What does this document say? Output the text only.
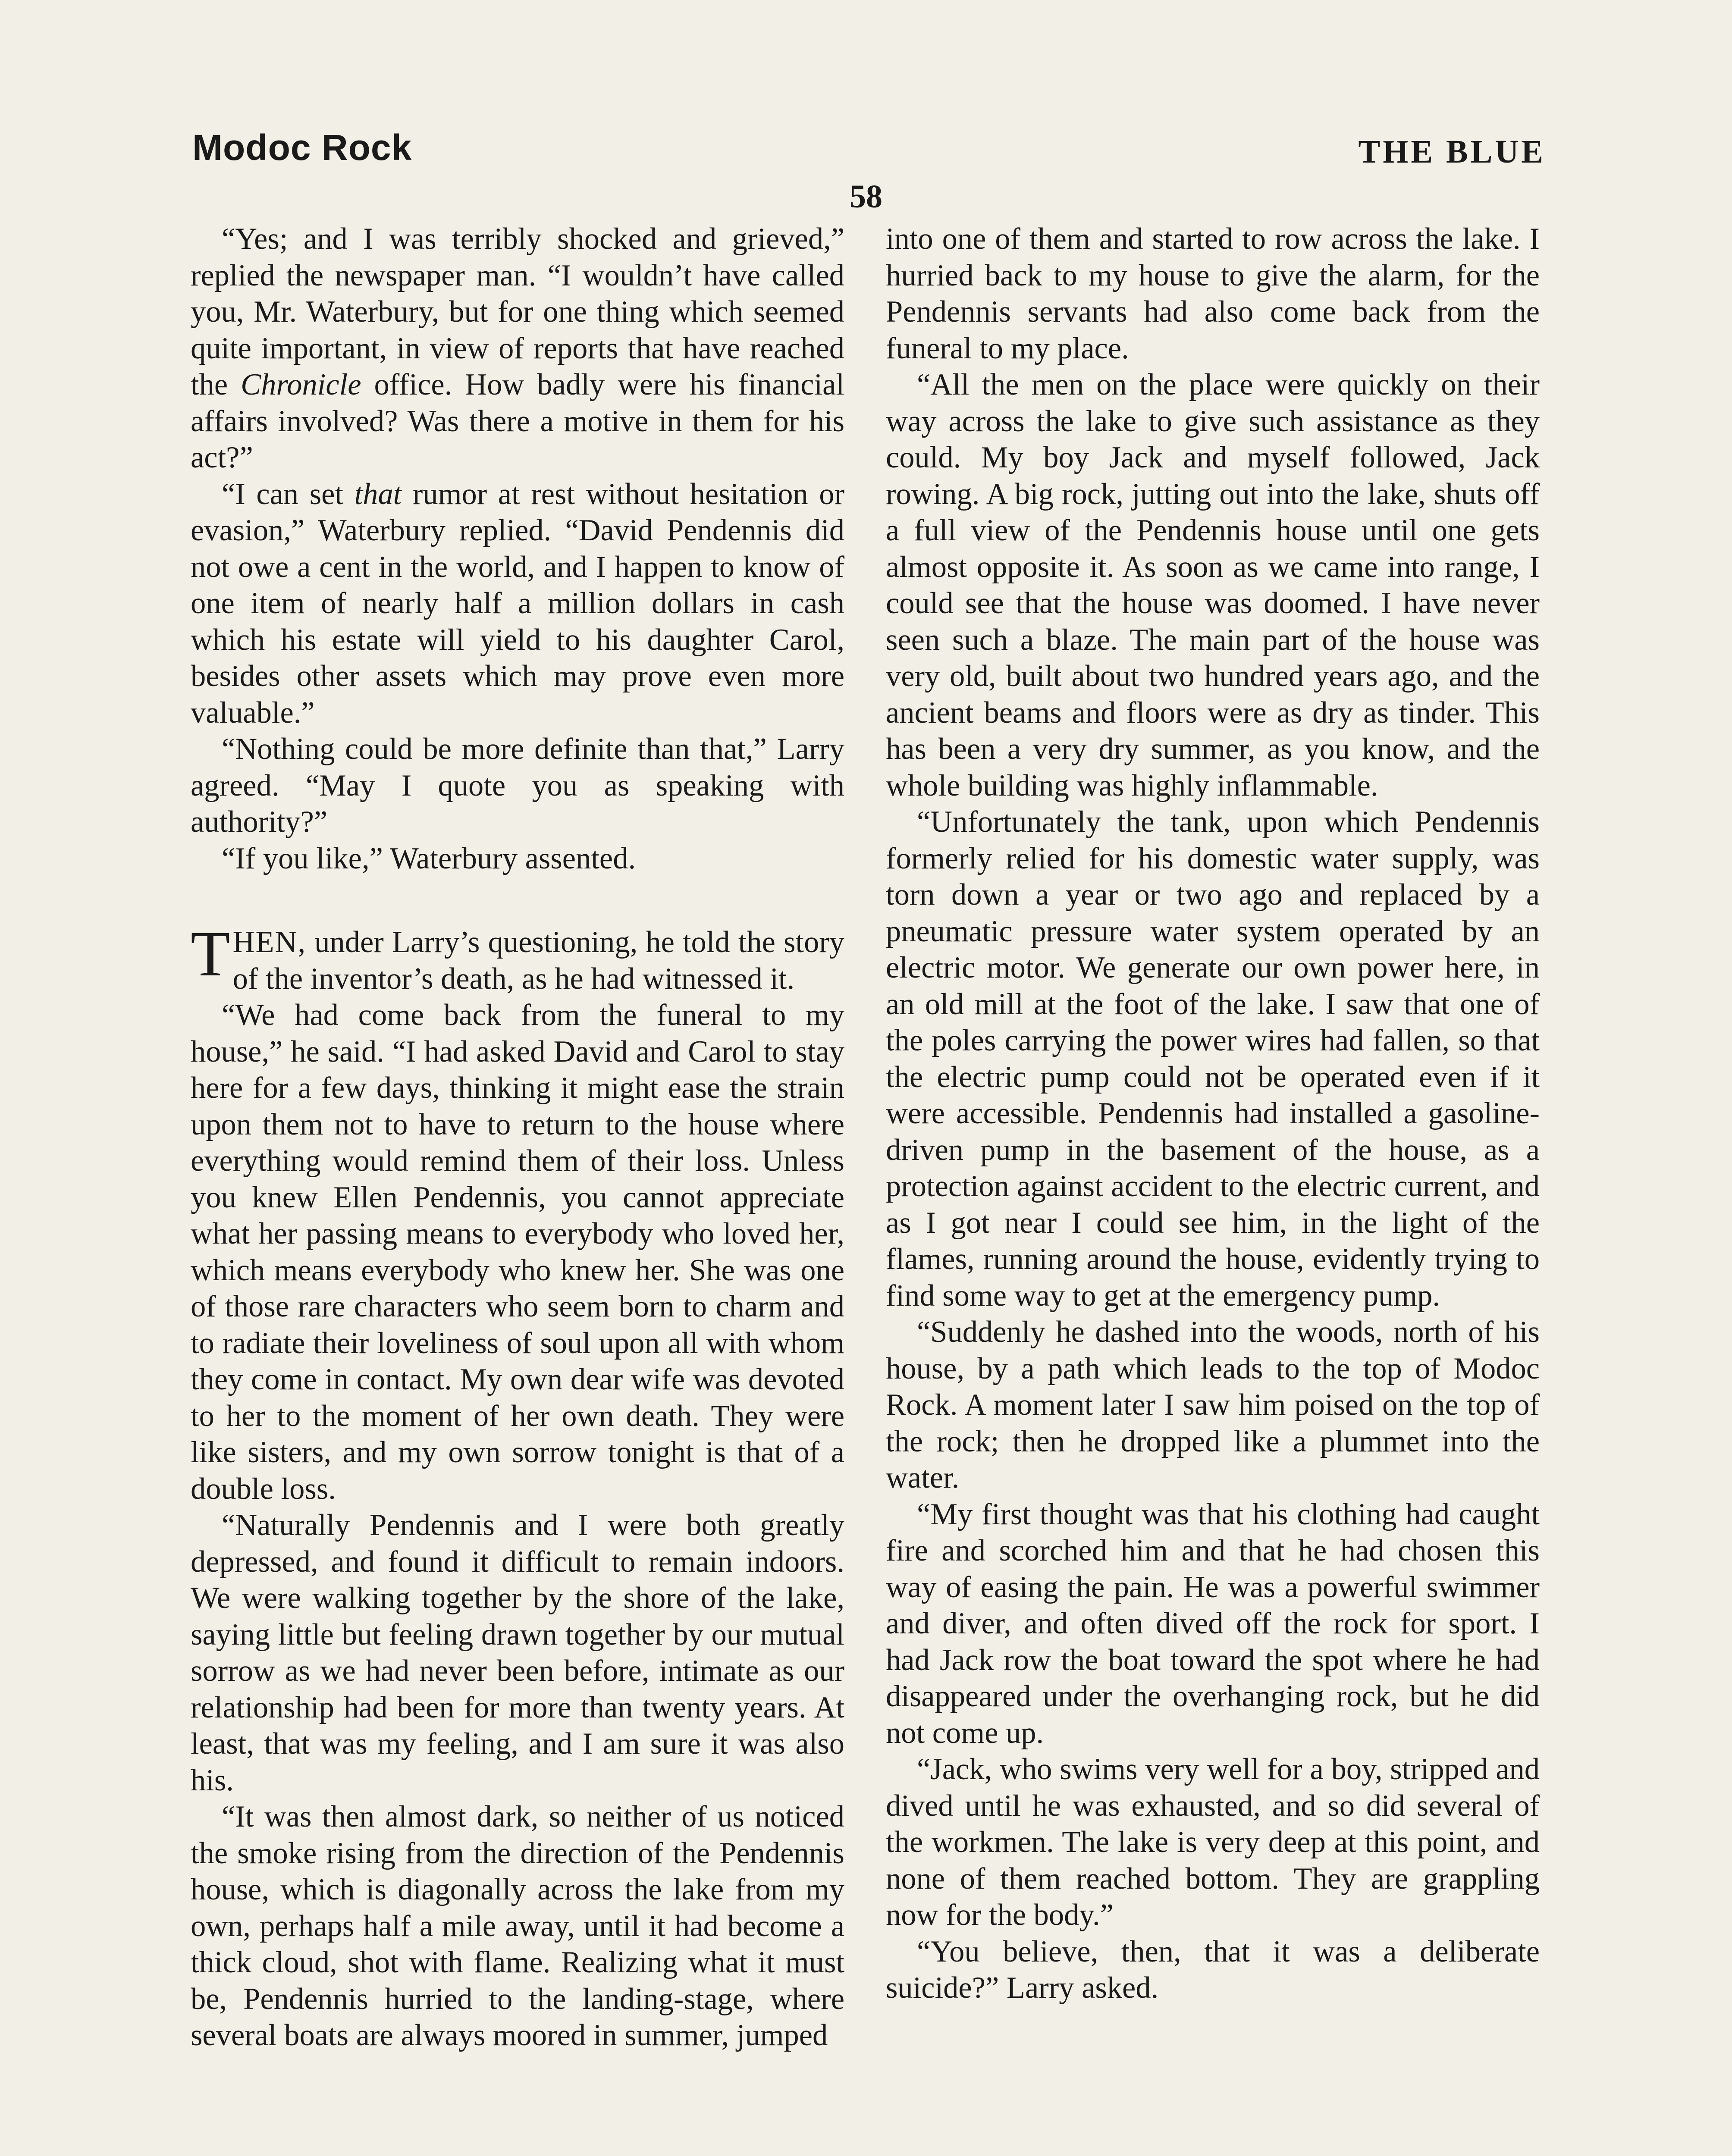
Modoc Rock	THE BLUE
58

“Yes; and I was terribly shocked and grieved,” replied the newspaper man. “I wouldn’t have called you, Mr. Waterbury, but for one thing which seemed quite important, in view of reports that have reached the Chronicle office. How badly were his financial affairs involved? Was there a motive in them for his act?”

“I can set that rumor at rest without hesitation or evasion,” Waterbury replied. “David Pendennis did not owe a cent in the world, and I happen to know of one item of nearly half a million dollars in cash which his estate will yield to his daughter Carol, besides other assets which may prove even more valuable.”

“Nothing could be more definite than that,” Larry agreed. “May I quote you as speaking with authority?”

“If you like,” Waterbury assented.

THEN, under Larry’s questioning, he told the story of the inventor’s death, as he had witnessed it.

“We had come back from the funeral to my house,” he said. “I had asked David and Carol to stay here for a few days, thinking it might ease the strain upon them not to have to return to the house where everything would remind them of their loss. Unless you knew Ellen Pendennis, you cannot appreciate what her passing means to everybody who loved her, which means everybody who knew her. She was one of those rare characters who seem born to charm and to radiate their loveliness of soul upon all with whom they come in contact. My own dear wife was devoted to her to the moment of her own death. They were like sisters, and my own sorrow tonight is that of a double loss.

“Naturally Pendennis and I were both greatly depressed, and found it difficult to remain indoors. We were walking together by the shore of the lake, saying little but feeling drawn together by our mutual sorrow as we had never been before, intimate as our relationship had been for more than twenty years. At least, that was my feeling, and I am sure it was also his.

“It was then almost dark, so neither of us noticed the smoke rising from the direction of the Pendennis house, which is diagonally across the lake from my own, perhaps half a mile away, until it had become a thick cloud, shot with flame. Realizing what it must be, Pendennis hurried to the landing-stage, where several boats are always moored in summer, jumped

into one of them and started to row across the lake. I hurried back to my house to give the alarm, for the Pendennis servants had also come back from the funeral to my place.

“All the men on the place were quickly on their way across the lake to give such assistance as they could. My boy Jack and myself followed, Jack rowing. A big rock, jutting out into the lake, shuts off a full view of the Pendennis house until one gets almost opposite it. As soon as we came into range, I could see that the house was doomed. I have never seen such a blaze. The main part of the house was very old, built about two hundred years ago, and the ancient beams and floors were as dry as tinder. This has been a very dry summer, as you know, and the whole building was highly inflammable.

“Unfortunately the tank, upon which Pendennis formerly relied for his domestic water supply, was torn down a year or two ago and replaced by a pneumatic pressure water system operated by an electric motor. We generate our own power here, in an old mill at the foot of the lake. I saw that one of the poles carrying the power wires had fallen, so that the electric pump could not be operated even if it were accessible. Pendennis had installed a gasoline-driven pump in the basement of the house, as a protection against accident to the electric current, and as I got near I could see him, in the light of the flames, running around the house, evidently trying to find some way to get at the emergency pump.

“Suddenly he dashed into the woods, north of his house, by a path which leads to the top of Modoc Rock. A moment later I saw him poised on the top of the rock; then he dropped like a plummet into the water.

“My first thought was that his clothing had caught fire and scorched him and that he had chosen this way of easing the pain. He was a powerful swimmer and diver, and often dived off the rock for sport. I had Jack row the boat toward the spot where he had disappeared under the overhanging rock, but he did not come up.

“Jack, who swims very well for a boy, stripped and dived until he was exhausted, and so did several of the workmen. The lake is very deep at this point, and none of them reached bottom. They are grappling now for the body.”

“You believe, then, that it was a deliberate suicide?” Larry asked.
